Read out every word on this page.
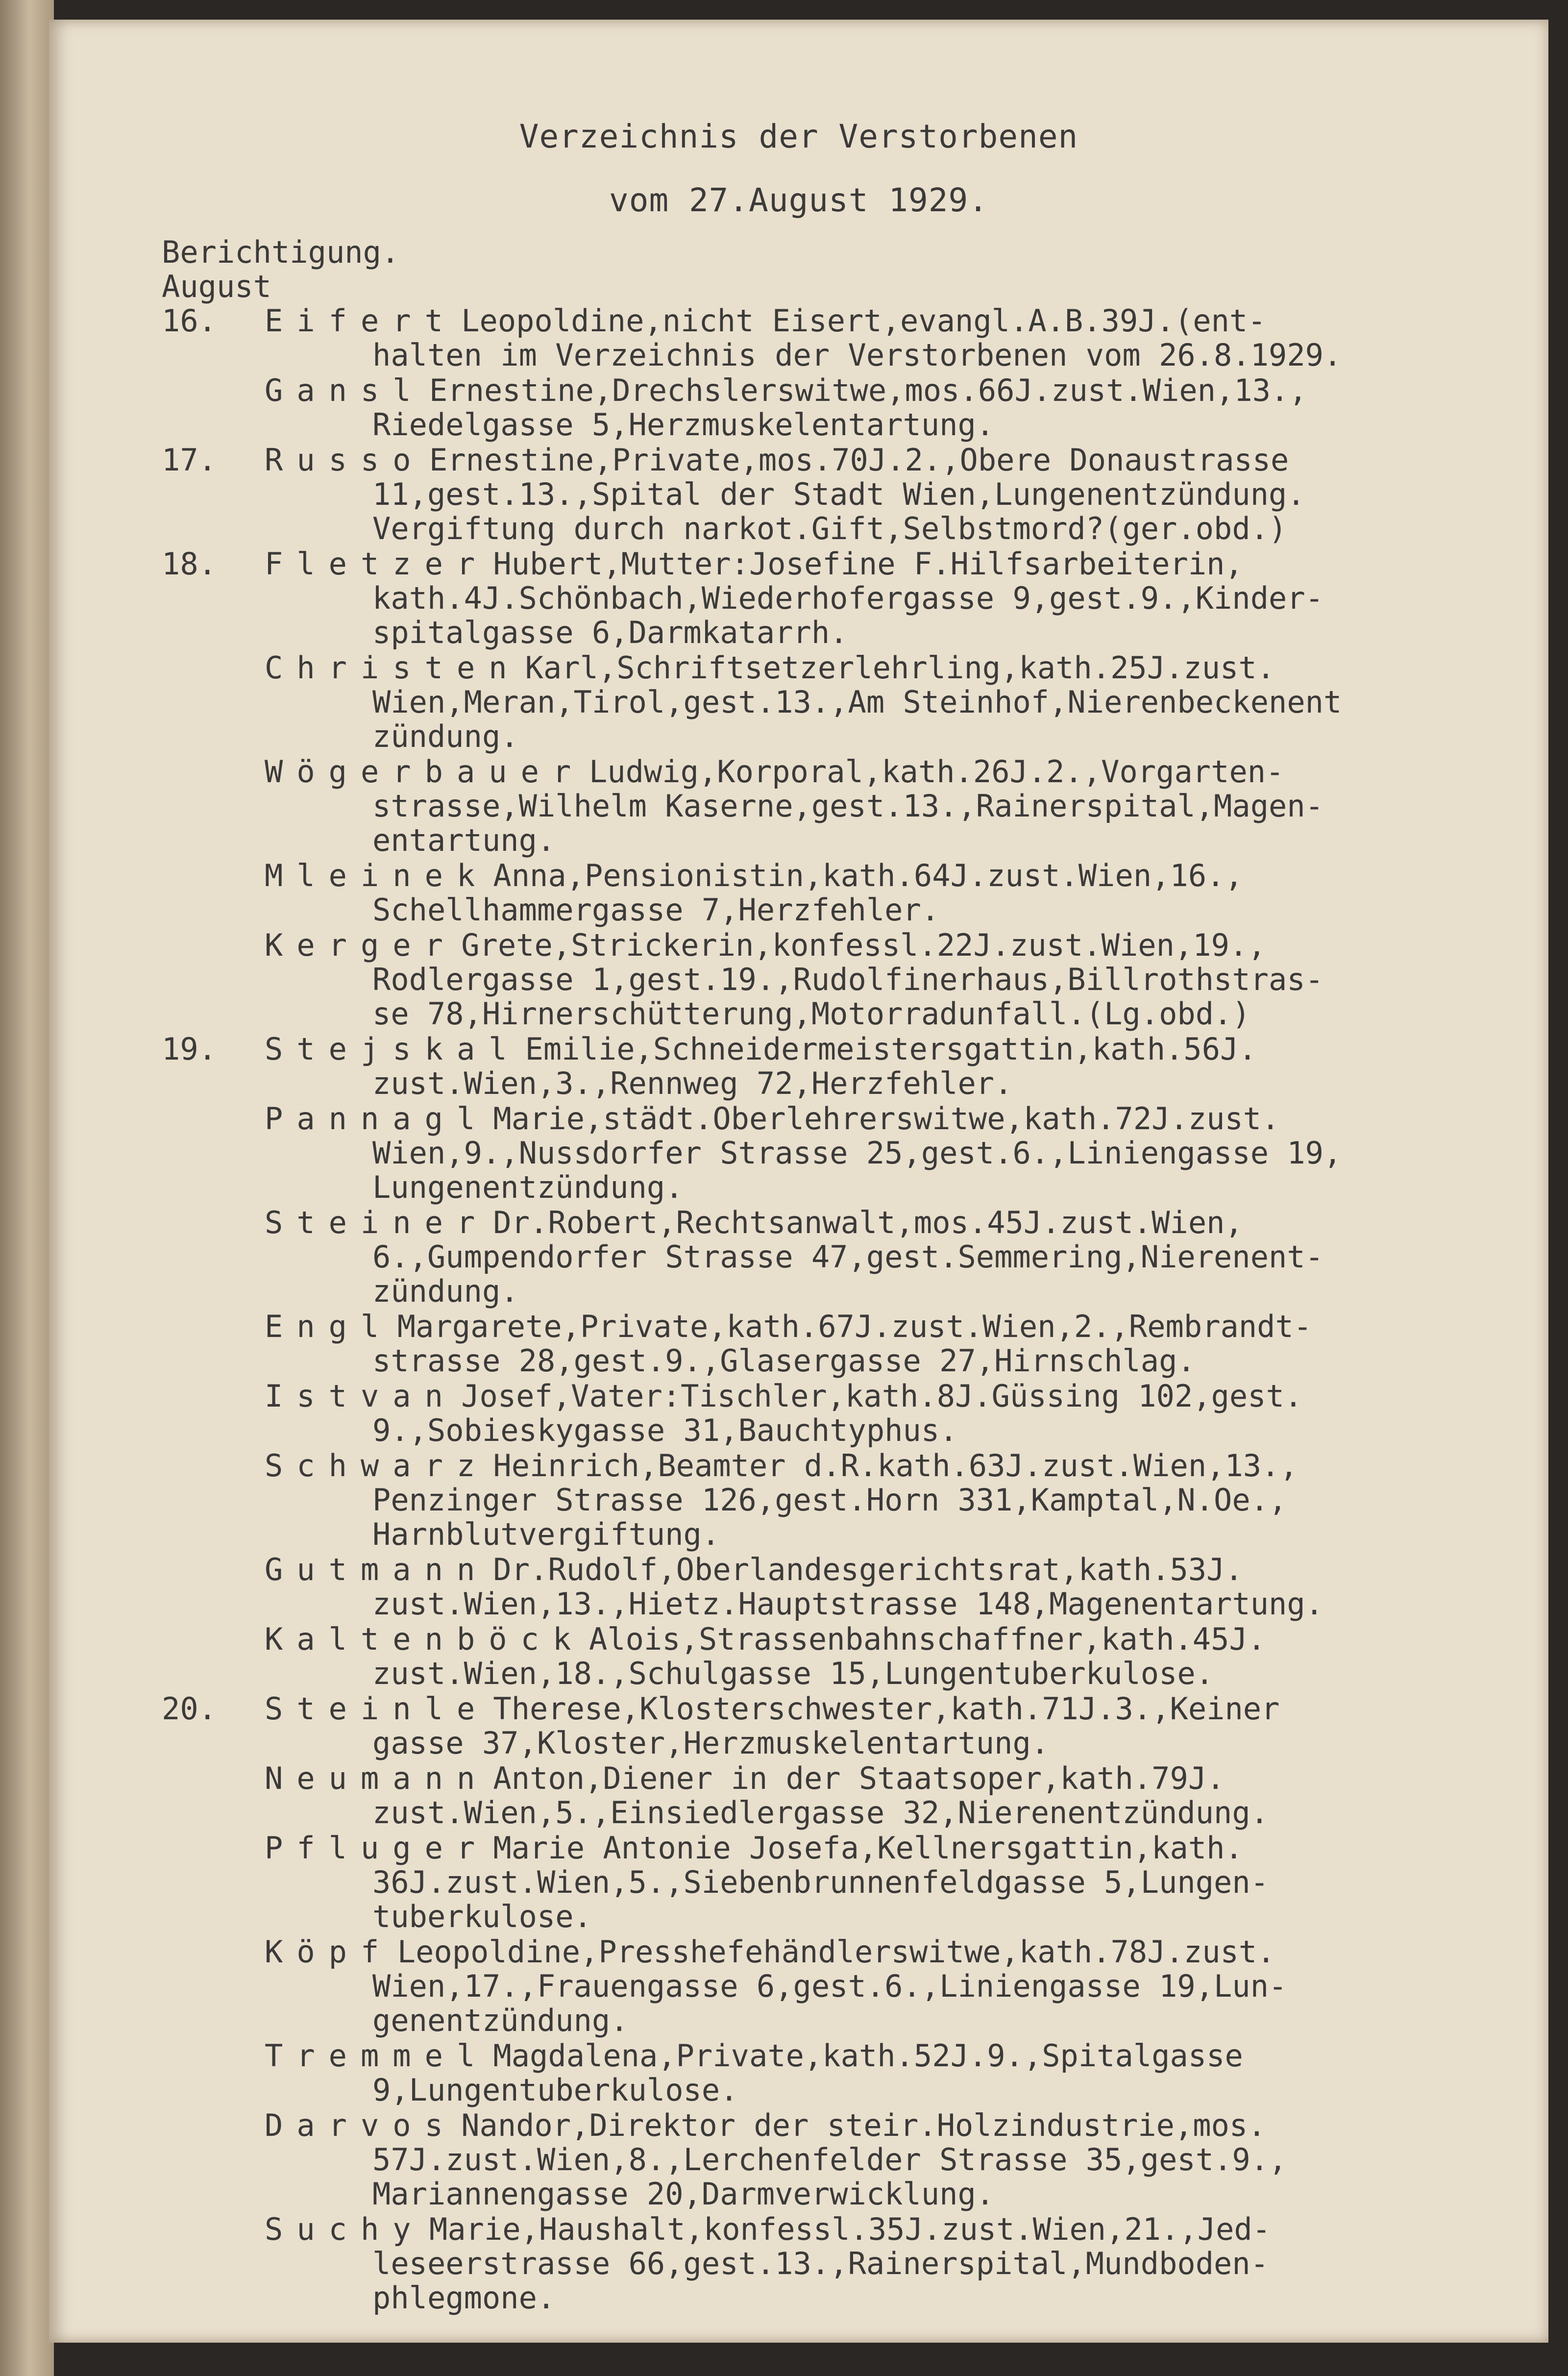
Verzeichnis der Verstorbenen
vom 27.August 1929.
Berichtigung.
August
16. Eifert Leopoldine,nicht Eisert,evangl.A.B.39J.(ent-
halten im Verzeichnis der Verstorbenen vom 26.8.1929.
Gansl Ernestine,Drechslerswitwe,mos.66J.zust.Wien,13.,
Riedelgasse 5,Herzmuskelentartung.
17. Russo Ernestine,Private,mos.70J.2.,Obere Donaustrasse
11,gest.13.,Spital der Stadt Wien,Lungenentzündung.
Vergiftung durch narkot.Gift,Selbstmord?(ger.obd.)
18. Fletzer Hubert,Mutter:Josefine F.Hilfsarbeiterin,
kath.4J.Schönbach,Wiederhofergasse 9,gest.9.,Kinder-
spitalgasse 6,Darmkatarrh.
Christen Karl,Schriftsetzerlehrling,kath.25J.zust.
Wien,Meran,Tirol,gest.13.,Am Steinhof,Nierenbeckenent
zündung.
Wögerbauer Ludwig,Korporal,kath.26J.2.,Vorgarten-
strasse,Wilhelm Kaserne,gest.13.,Rainerspital,Magen-
entartung.
Mleinek Anna,Pensionistin,kath.64J.zust.Wien,16.,
Schellhammergasse 7,Herzfehler.
Kerger Grete,Strickerin,konfessl.22J.zust.Wien,19.,
Rodlergasse 1,gest.19.,Rudolfinerhaus,Billrothstras-
se 78,Hirnerschütterung,Motorradunfall.(Lg.obd.)
19. Stejskal Emilie,Schneidermeistersgattin,kath.56J.
zust.Wien,3.,Rennweg 72,Herzfehler.
Pannagl Marie,städt.Oberlehrerswitwe,kath.72J.zust.
Wien,9.,Nussdorfer Strasse 25,gest.6.,Liniengasse 19,
Lungenentzündung.
Steiner Dr.Robert,Rechtsanwalt,mos.45J.zust.Wien,
6.,Gumpendorfer Strasse 47,gest.Semmering,Nierenent-
zündung.
Engl Margarete,Private,kath.67J.zust.Wien,2.,Rembrandt-
strasse 28,gest.9.,Glasergasse 27,Hirnschlag.
Istvan Josef,Vater:Tischler,kath.8J.Güssing 102,gest.
9.,Sobieskygasse 31,Bauchtyphus.
Schwarz Heinrich,Beamter d.R.kath.63J.zust.Wien,13.,
Penzinger Strasse 126,gest.Horn 331,Kamptal,N.Oe.,
Harnblutvergiftung.
Gutmann Dr.Rudolf,Oberlandesgerichtsrat,kath.53J.
zust.Wien,13.,Hietz.Hauptstrasse 148,Magenentartung.
Kaltenböck Alois,Strassenbahnschaffner,kath.45J.
zust.Wien,18.,Schulgasse 15,Lungentuberkulose.
20. Steinle Therese,Klosterschwester,kath.71J.3.,Keiner
gasse 37,Kloster,Herzmuskelentartung.
Neumann Anton,Diener in der Staatsoper,kath.79J.
zust.Wien,5.,Einsiedlergasse 32,Nierenentzündung.
Pfluger Marie Antonie Josefa,Kellnersgattin,kath.
36J.zust.Wien,5.,Siebenbrunnenfeldgasse 5,Lungen-
tuberkulose.
Köpf Leopoldine,Presshefehändlerswitwe,kath.78J.zust.
Wien,17.,Frauengasse 6,gest.6.,Liniengasse 19,Lun-
genentzündung.
Tremmel Magdalena,Private,kath.52J.9.,Spitalgasse
9,Lungentuberkulose.
Darvos Nandor,Direktor der steir.Holzindustrie,mos.
57J.zust.Wien,8.,Lerchenfelder Strasse 35,gest.9.,
Mariannengasse 20,Darmverwicklung.
Suchy Marie,Haushalt,konfessl.35J.zust.Wien,21.,Jed-
leseerstrasse 66,gest.13.,Rainerspital,Mundboden-
phlegmone.
